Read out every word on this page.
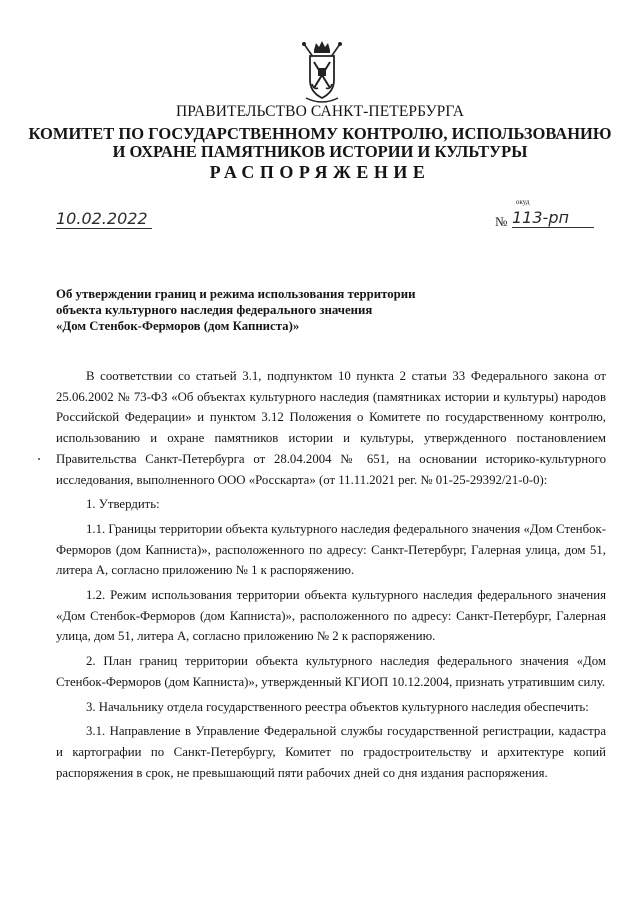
ПРАВИТЕЛЬСТВО САНКТ-ПЕТЕРБУРГА
КОМИТЕТ ПО ГОСУДАРСТВЕННОМУ КОНТРОЛЮ, ИСПОЛЬЗОВАНИЮ
И ОХРАНЕ ПАМЯТНИКОВ ИСТОРИИ И КУЛЬТУРЫ
РАСПОРЯЖЕНИЕ
окуд
10.02.2022	№ 113-рп
Об утверждении границ и режима использования территории
объекта культурного наследия федерального значения
«Дом Стенбок-Ферморов (дом Капниста)»

В соответствии со статьей 3.1, подпунктом 10 пункта 2 статьи 33 Федерального закона от 25.06.2002 № 73-ФЗ «Об объектах культурного наследия (памятниках истории и культуры) народов Российской Федерации» и пунктом 3.12 Положения о Комитете по государственному контролю, использованию и охране памятников истории и культуры, утвержденного постановлением Правительства Санкт-Петербурга от 28.04.2004 № 651, на основании историко-культурного исследования, выполненного ООО «Росскарта» (от 11.11.2021 рег. № 01-25-29392/21-0-0):

1. Утвердить:

1.1. Границы территории объекта культурного наследия федерального значения «Дом Стенбок-Ферморов (дом Капниста)», расположенного по адресу: Санкт-Петербург, Галерная улица, дом 51, литера А, согласно приложению № 1 к распоряжению.

1.2. Режим использования территории объекта культурного наследия федерального значения «Дом Стенбок-Ферморов (дом Капниста)», расположенного по адресу: Санкт-Петербург, Галерная улица, дом 51, литера А, согласно приложению № 2 к распоряжению.

2. План границ территории объекта культурного наследия федерального значения «Дом Стенбок-Ферморов (дом Капниста)», утвержденный КГИОП 10.12.2004, признать утратившим силу.

3. Начальнику отдела государственного реестра объектов культурного наследия обеспечить:

3.1. Направление в Управление Федеральной службы государственной регистрации, кадастра и картографии по Санкт-Петербургу, Комитет по градостроительству и архитектуре копий распоряжения в срок, не превышающий пяти рабочих дней со дня издания распоряжения.
